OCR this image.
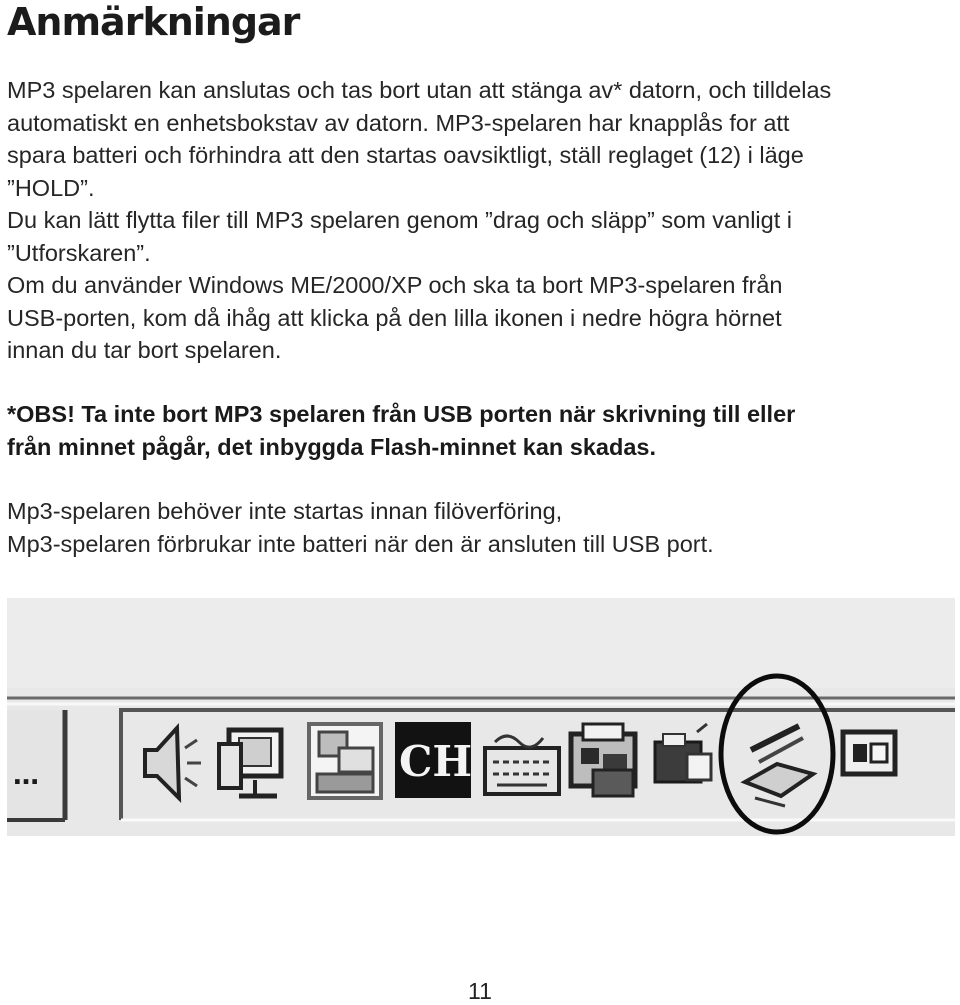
Anmärkningar

MP3 spelaren kan anslutas och tas bort utan att stänga av* datorn, och tilldelas
automatiskt en enhetsbokstav av datorn. MP3-spelaren har knapplås for att
spara batteri och förhindra att den startas oavsiktligt, ställ reglaget (12) i läge
”HOLD”.

Du kan lätt flytta filer till MP3 spelaren genom ”drag och släpp” som vanligt i
”Utforskaren”.

Om du använder Windows ME/2000/XP och ska ta bort MP3-spelaren från
USB-porten, kom då ihåg att klicka på den lilla ikonen i nedre högra hörnet
innan du tar bort spelaren.

*OBS! Ta inte bort MP3 spelaren från USB porten när skrivning till eller
från minnet pågår, det inbyggda Flash-minnet kan skadas.

Mp3-spelaren behöver inte startas innan filöverföring,
Mp3-spelaren förbrukar inte batteri när den är ansluten till USB port.

…	CH
11
